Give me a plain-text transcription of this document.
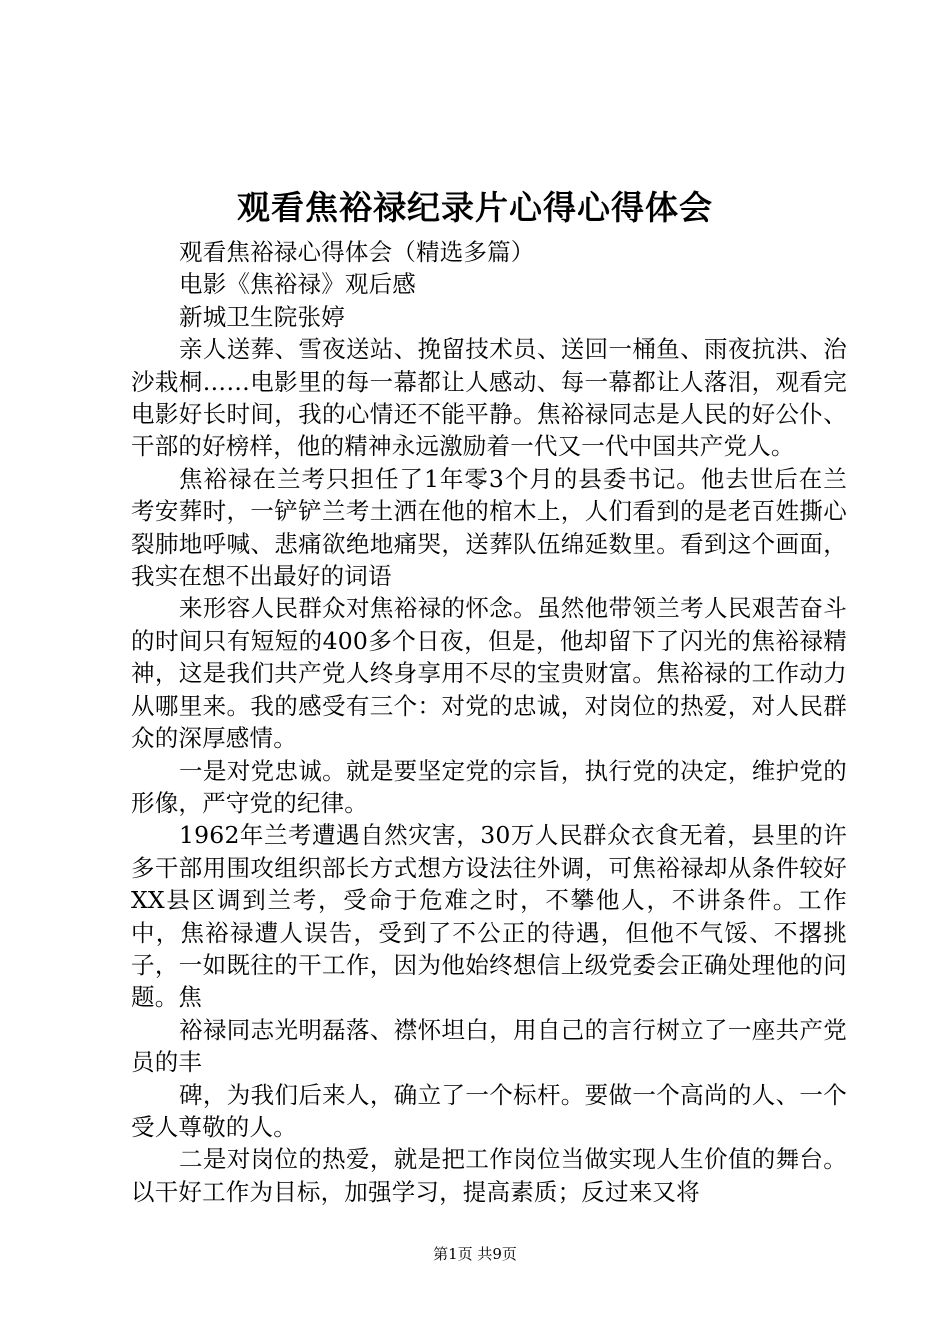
观看焦裕禄纪录片心得心得体会

观看焦裕禄心得体会（精选多篇）

电影《焦裕禄》观后感

新城卫生院张婷

亲人送葬、雪夜送站、挽留技术员、送回一桶鱼、雨夜抗洪、治沙栽桐……电影里的每一幕都让人感动、每一幕都让人落泪，观看完电影好长时间，我的心情还不能平静。焦裕禄同志是人民的好公仆、干部的好榜样，他的精神永远激励着一代又一代中国共产党人。

焦裕禄在兰考只担任了1年零3个月的县委书记。他去世后在兰考安葬时，一铲铲兰考土洒在他的棺木上，人们看到的是老百姓撕心裂肺地呼喊、悲痛欲绝地痛哭，送葬队伍绵延数里。看到这个画面，我实在想不出最好的词语

来形容人民群众对焦裕禄的怀念。虽然他带领兰考人民艰苦奋斗的时间只有短短的400多个日夜，但是，他却留下了闪光的焦裕禄精神，这是我们共产党人终身享用不尽的宝贵财富。焦裕禄的工作动力从哪里来。我的感受有三个：对党的忠诚，对岗位的热爱，对人民群众的深厚感情。

一是对党忠诚。就是要坚定党的宗旨，执行党的决定，维护党的形像，严守党的纪律。

1962年兰考遭遇自然灾害，30万人民群众衣食无着，县里的许多干部用围攻组织部长方式想方设法往外调，可焦裕禄却从条件较好XX县区调到兰考，受命于危难之时，不攀他人，不讲条件。工作中，焦裕禄遭人误告，受到了不公正的待遇，但他不气馁、不撂挑子，一如既往的干工作，因为他始终想信上级党委会正确处理他的问题。焦

裕禄同志光明磊落、襟怀坦白，用自己的言行树立了一座共产党员的丰

碑，为我们后来人，确立了一个标杆。要做一个高尚的人、一个受人尊敬的人。

二是对岗位的热爱，就是把工作岗位当做实现人生价值的舞台。以干好工作为目标，加强学习，提高素质；反过来又将

第1页 共9页
